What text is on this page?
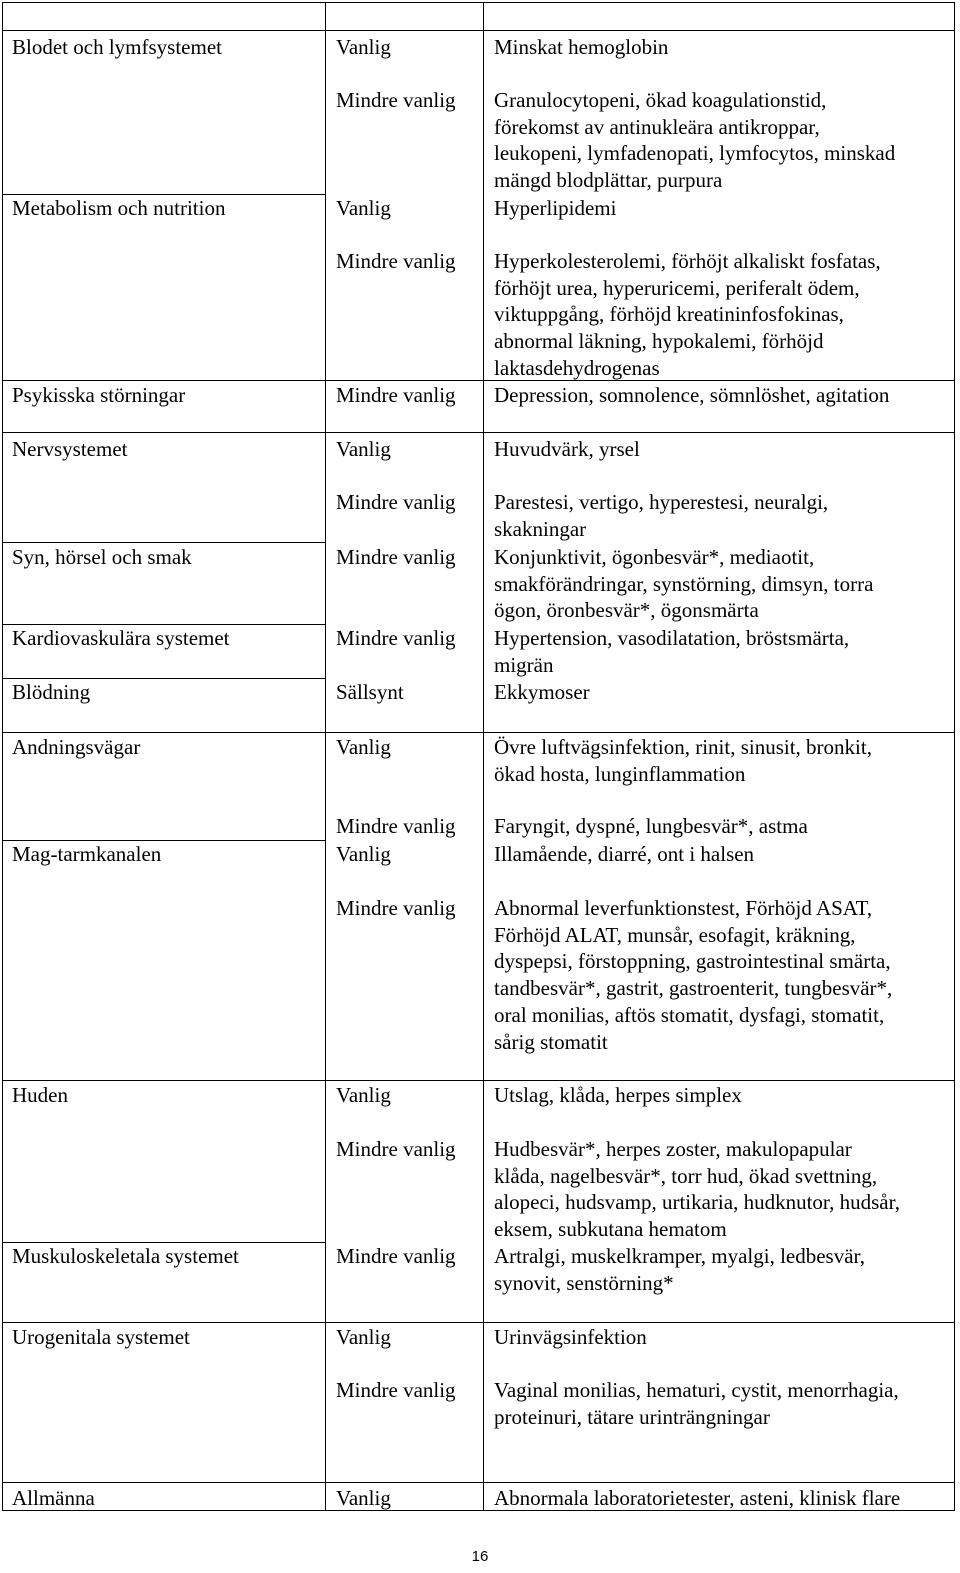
Blodet och lymfsystemet	Vanlig	Minskat hemoglobin
Mindre vanlig Granulocytopeni, ökad koagulationstid,
förekomst av antinukleära antikroppar,
leukopeni, lymfadenopati, lymfocytos, minskad
mängd blodplättar, purpura
Metabolism och nutrition	Vanlig	Hyperlipidemi
Mindre vanlig Hyperkolesterolemi, förhöjt alkaliskt fosfatas,
förhöjt urea, hyperuricemi, periferalt ödem,
viktuppgång, förhöjd kreatininfosfokinas,
abnormal läkning, hypokalemi, förhöjd
laktasdehydrogenas
Psykisska störningar	Mindre vanlig Depression, somnolence, sömnlöshet, agitation
Nervsystemet	Vanlig	Huvudvärk, yrsel
Mindre vanlig Parestesi, vertigo, hyperestesi, neuralgi,
skakningar
Syn, hörsel och smak	Mindre vanlig Konjunktivit, ögonbesvär*, mediaotit,
smakförändringar, synstörning, dimsyn, torra
ögon, öronbesvär*, ögonsmärta
Kardiovaskulära systemet	Mindre vanlig Hypertension, vasodilatation, bröstsmärta,
migrän
Blödning	Sällsynt	Ekkymoser
Andningsvägar	Vanlig	Övre luftvägsinfektion, rinit, sinusit, bronkit,
ökad hosta, lunginflammation
Mindre vanlig Faryngit, dyspné, lungbesvär*, astma
Mag-tarmkanalen	Vanlig	Illamående, diarré, ont i halsen
Mindre vanlig Abnormal leverfunktionstest, Förhöjd ASAT,
Förhöjd ALAT, munsår, esofagit, kräkning,
dyspepsi, förstoppning, gastrointestinal smärta,
tandbesvär*, gastrit, gastroenterit, tungbesvär*,
oral monilias, aftös stomatit, dysfagi, stomatit,
sårig stomatit
Huden	Vanlig	Utslag, klåda, herpes simplex
Mindre vanlig Hudbesvär*, herpes zoster, makulopapular
klåda, nagelbesvär*, torr hud, ökad svettning,
alopeci, hudsvamp, urtikaria, hudknutor, hudsår,
eksem, subkutana hematom
Muskuloskeletala systemet	Mindre vanlig Artralgi, muskelkramper, myalgi, ledbesvär,
synovit, senstörning*
Urogenitala systemet	Vanlig	Urinvägsinfektion
Mindre vanlig Vaginal monilias, hematuri, cystit, menorrhagia,
proteinuri, tätare urinträngningar
Allmänna	Vanlig	Abnormala laboratorietester, asteni, klinisk flare
16
